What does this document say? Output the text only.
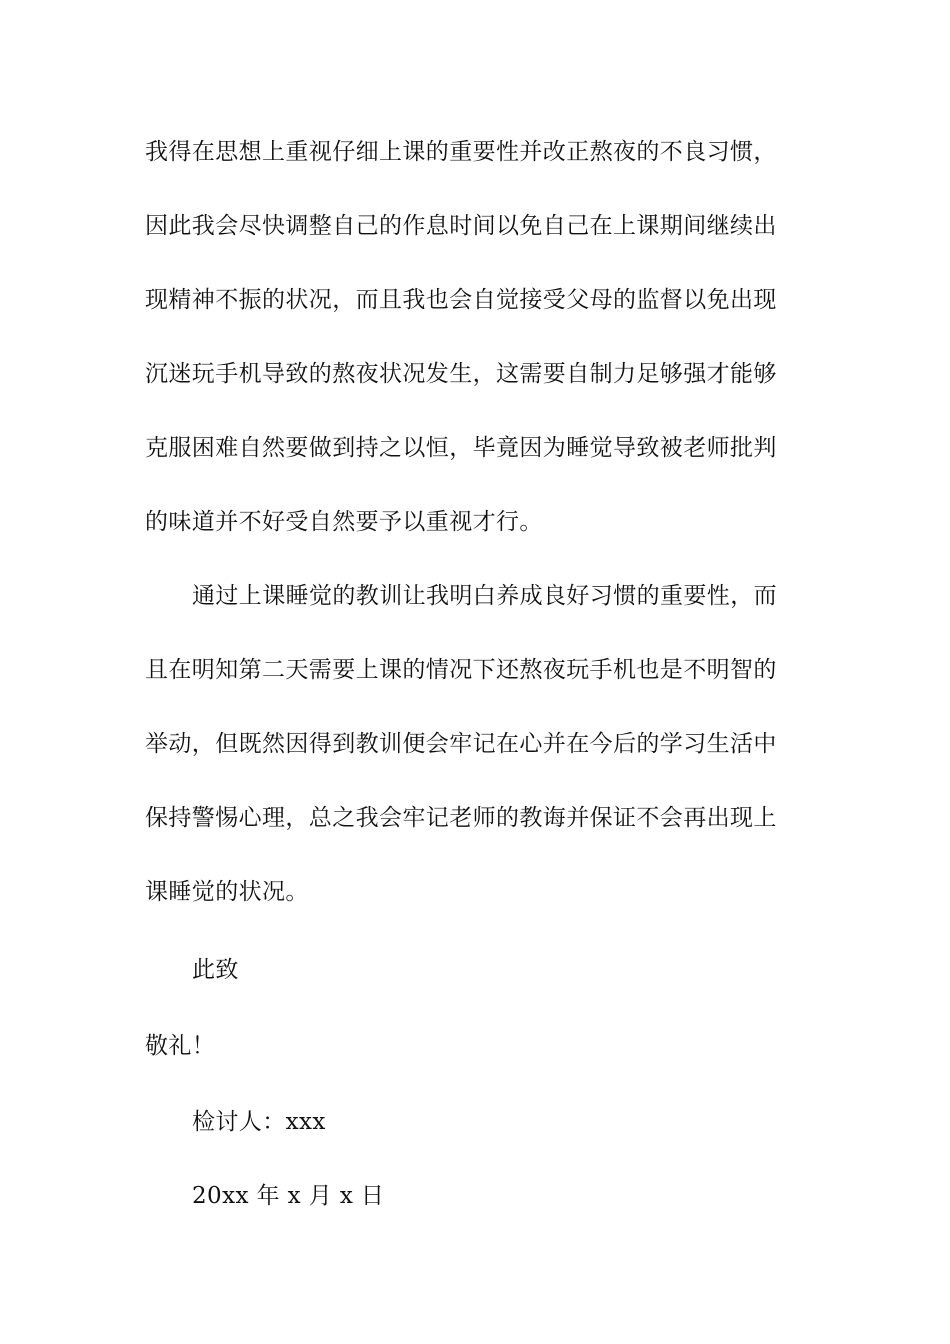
我得在思想上重视仔细上课的重要性并改正熬夜的不良习惯，
因此我会尽快调整自己的作息时间以免自己在上课期间继续出
现精神不振的状况，而且我也会自觉接受父母的监督以免出现
沉迷玩手机导致的熬夜状况发生，这需要自制力足够强才能够
克服困难自然要做到持之以恒，毕竟因为睡觉导致被老师批判
的味道并不好受自然要予以重视才行。
通过上课睡觉的教训让我明白养成良好习惯的重要性，而
且在明知第二天需要上课的情况下还熬夜玩手机也是不明智的
举动，但既然因得到教训便会牢记在心并在今后的学习生活中
保持警惕心理，总之我会牢记老师的教诲并保证不会再出现上
课睡觉的状况。
此致
敬礼！
检讨人：xxx
20xx 年 x 月 x 日
